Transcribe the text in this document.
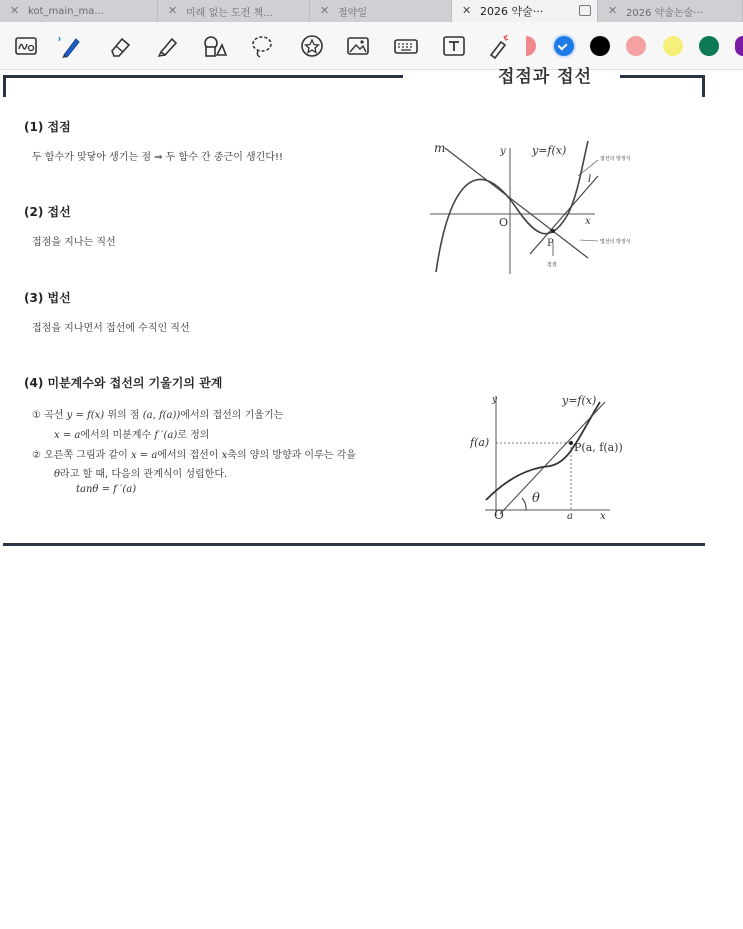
✕ kot_main_ma...	✕ 미래 없는 도전 책...	✕ 절약일	✕ 2026 약술···	✕ 2026 약술논술···
접점과 접선
(1) 접점
두 함수가 맞닿아 생기는 점 ⇒ 두 함수 간 중근이 생긴다!!
(2) 접선
접점을 지나는 직선
(3) 법선
접점을 지나면서 접선에 수직인 직선
(4) 미분계수와 접선의 기울기의 관계
① 곡선 y = f(x) 위의 점 (a, f(a))에서의 접선의 기울기는
x = a에서의 미분계수 f ′(a)로 정의
② 오른쪽 그림과 같이 x = a에서의 접선이 x축의 양의 방향과 이루는 각을
θ라고 할 때, 다음의 관계식이 성립한다.
tanθ = f ′(a)
m	y y=f(x)
l
x
O
P
접선의 방정식
법선의 방정식
접점
y	y=f(x)
f(a)	P(a, f(a))
θ
O	a	x
